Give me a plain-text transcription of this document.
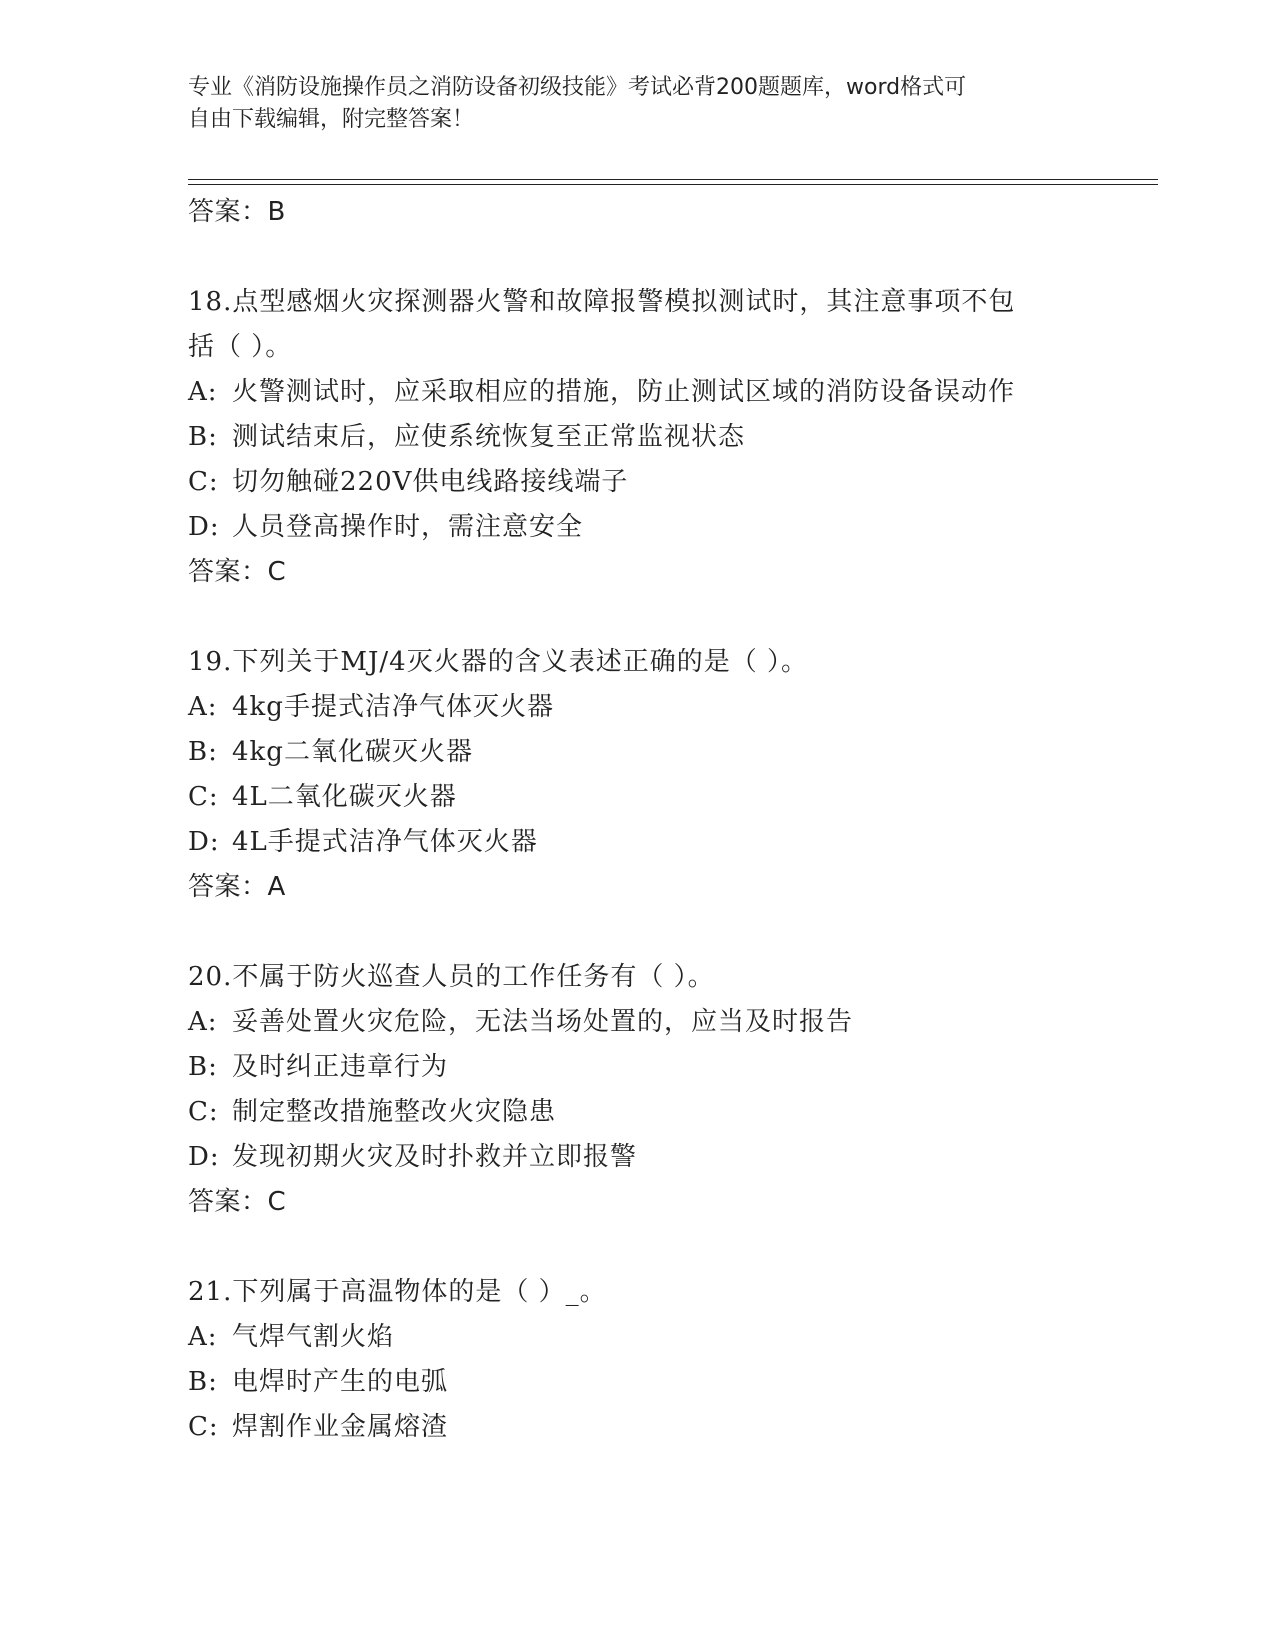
专业《消防设施操作员之消防设备初级技能》考试必背200题题库，word格式可
自由下载编辑，附完整答案！
答案：B
18.点型感烟火灾探测器火警和故障报警模拟测试时，其注意事项不包
括（ ）。
A: 火警测试时，应采取相应的措施，防止测试区域的消防设备误动作
B: 测试结束后，应使系统恢复至正常监视状态
C: 切勿触碰220V供电线路接线端子
D: 人员登高操作时，需注意安全
答案：C
19.下列关于MJ/4灭火器的含义表述正确的是（ ）。
A: 4kg手提式洁净气体灭火器
B: 4kg二氧化碳灭火器
C: 4L二氧化碳灭火器
D: 4L手提式洁净气体灭火器
答案：A
20.不属于防火巡查人员的工作任务有（ ）。
A: 妥善处置火灾危险，无法当场处置的，应当及时报告
B: 及时纠正违章行为
C: 制定整改措施整改火灾隐患
D: 发现初期火灾及时扑救并立即报警
答案：C
21.下列属于高温物体的是（ ）_。
A: 气焊气割火焰
B: 电焊时产生的电弧
C: 焊割作业金属熔渣
